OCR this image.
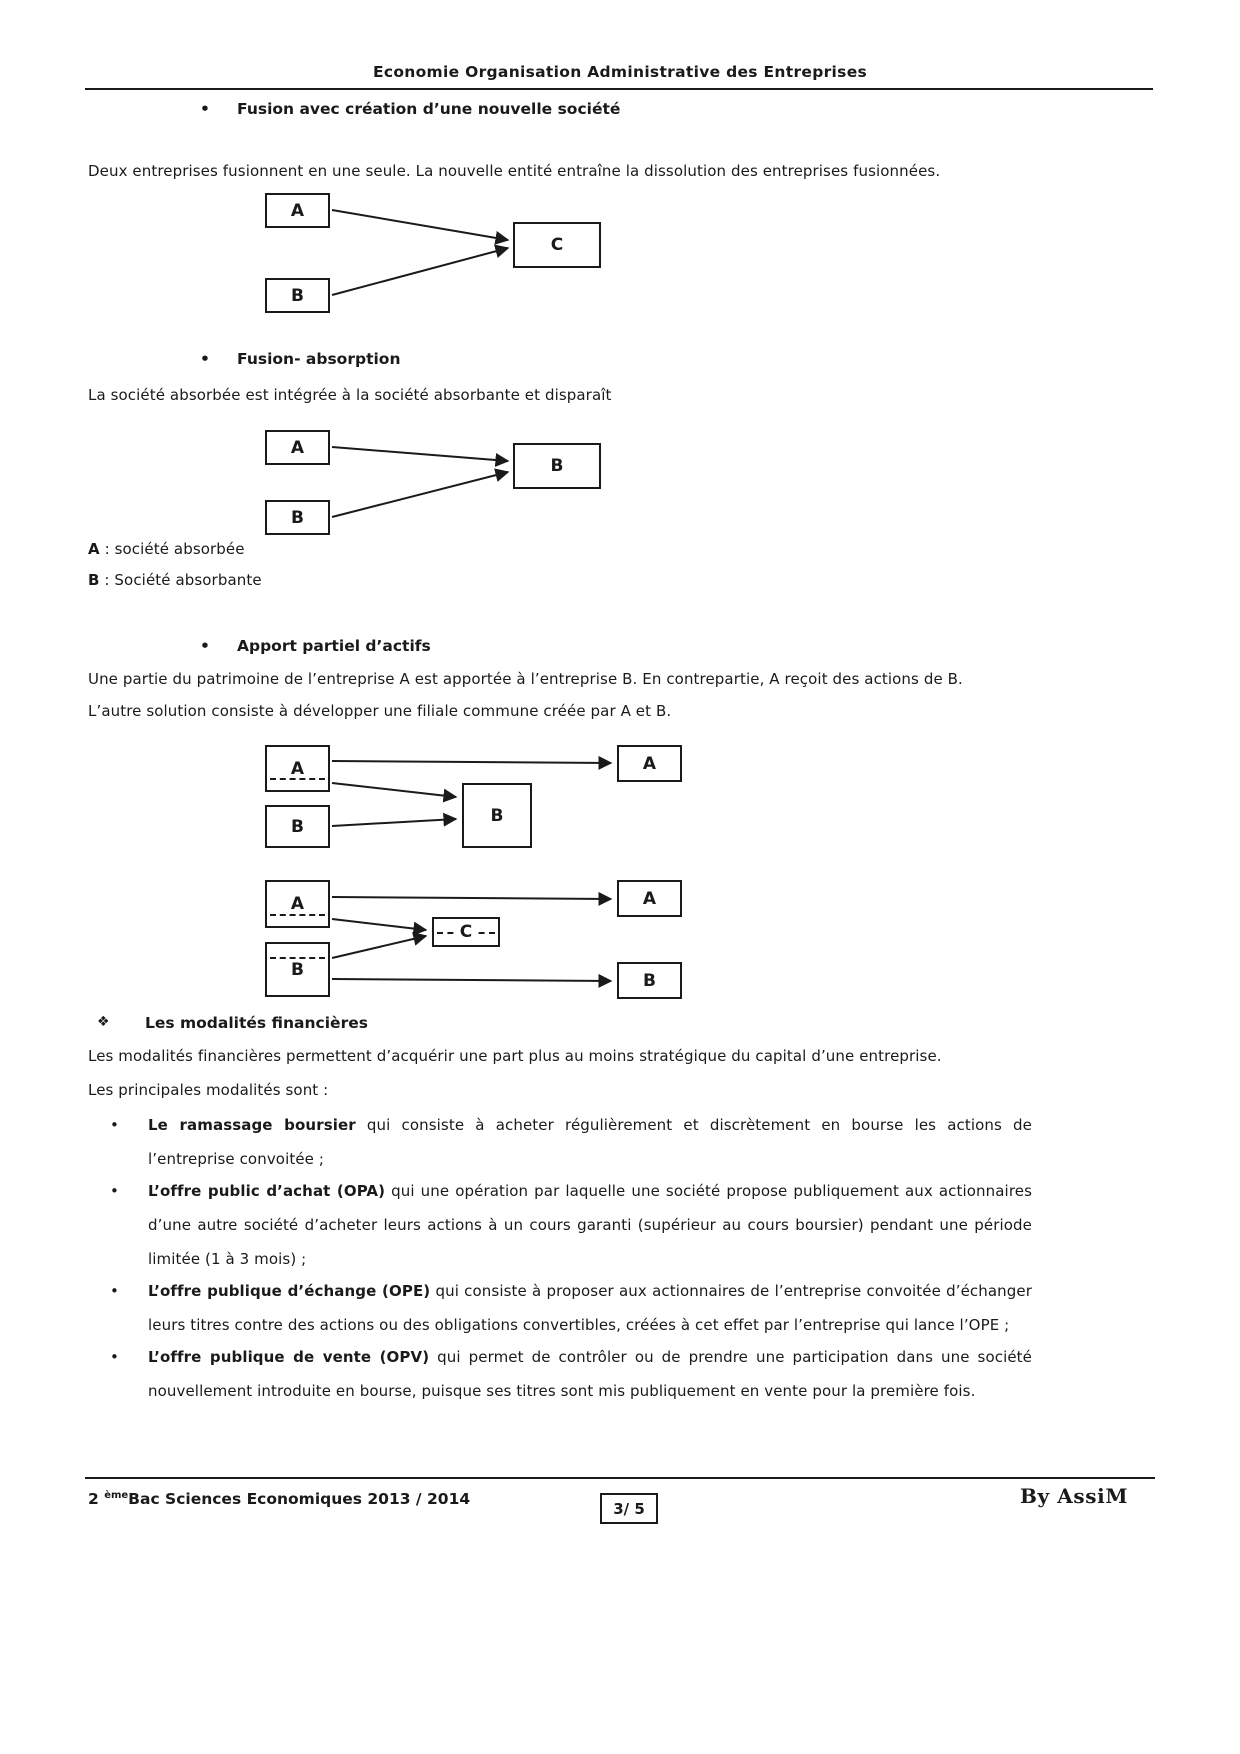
Economie Organisation Administrative des Entreprises
•	Fusion avec création d’une nouvelle société

Deux entreprises fusionnent en une seule. La nouvelle entité entraîne la dissolution des entreprises fusionnées.

A
B
C
•	Fusion- absorption

La société absorbée est intégrée à la société absorbante et disparaît

A
B
B

A : société absorbée

B : Société absorbante

•	Apport partiel d’actifs

Une partie du patrimoine de l’entreprise A est apportée à l’entreprise B. En contrepartie, A reçoit des actions de B.

L’autre solution consiste à développer une filiale commune créée par A et B.

A
B
B
A
A
B
C
A
B
❖	Les modalités financières

Les modalités financières permettent d’acquérir une part plus au moins stratégique du capital d’une entreprise.

Les principales modalités sont :

•	Le ramassage boursier qui consiste à acheter régulièrement et discrètement en bourse les actions de l’entreprise convoitée ;
•	L’offre public d’achat (OPA) qui une opération par laquelle une société propose publiquement aux actionnaires d’une autre société d’acheter leurs actions à un cours garanti (supérieur au cours boursier) pendant une période limitée (1 à 3 mois) ;
•	L’offre publique d’échange (OPE) qui consiste à proposer aux actionnaires de l’entreprise convoitée d’échanger leurs titres contre des actions ou des obligations convertibles, créées à cet effet par l’entreprise qui lance l’OPE ;
•	L’offre publique de vente (OPV) qui permet de contrôler ou de prendre une participation dans une société nouvellement introduite en bourse, puisque ses titres sont mis publiquement en vente pour la première fois.
2 $^{ème}$Bac Sciences Economiques 2013 / 2014
3/ 5
By AssiM
